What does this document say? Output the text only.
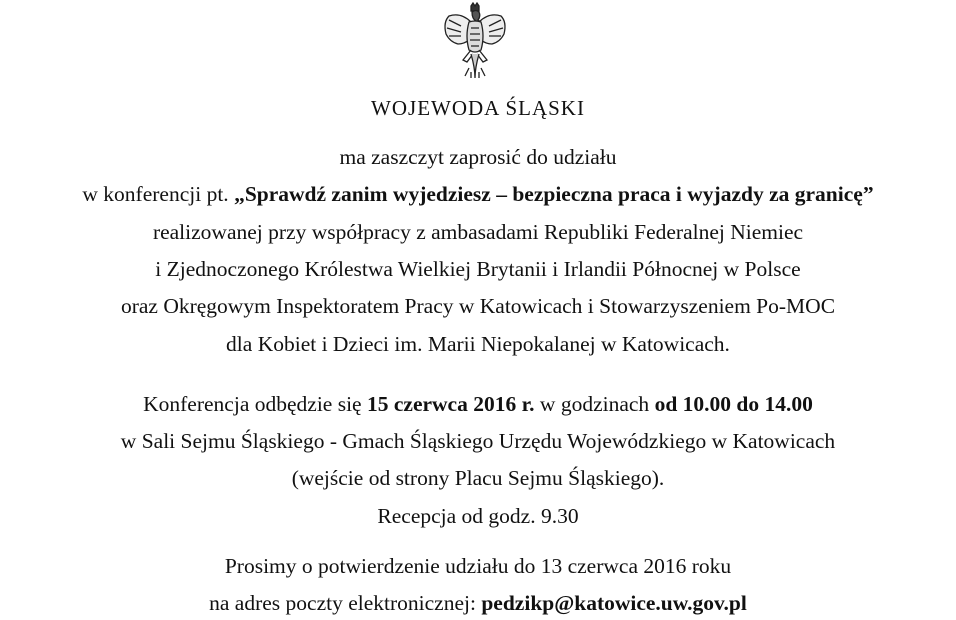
WOJEWODA ŚLĄSKI
ma zaszczyt zaprosić do udziału
w konferencji pt. „Sprawdź zanim wyjedziesz – bezpieczna praca i wyjazdy za granicę”
realizowanej przy współpracy z ambasadami Republiki Federalnej Niemiec
i Zjednoczonego Królestwa Wielkiej Brytanii i Irlandii Północnej w Polsce
oraz Okręgowym Inspektoratem Pracy w Katowicach i Stowarzyszeniem Po-MOC
dla Kobiet i Dzieci im. Marii Niepokalanej w Katowicach.
Konferencja odbędzie się 15 czerwca 2016 r. w godzinach od 10.00 do 14.00
w Sali Sejmu Śląskiego - Gmach Śląskiego Urzędu Wojewódzkiego w Katowicach
(wejście od strony Placu Sejmu Śląskiego).
Recepcja od godz. 9.30
Prosimy o potwierdzenie udziału do 13 czerwca 2016 roku
na adres poczty elektronicznej: pedzikp@katowice.uw.gov.pl
